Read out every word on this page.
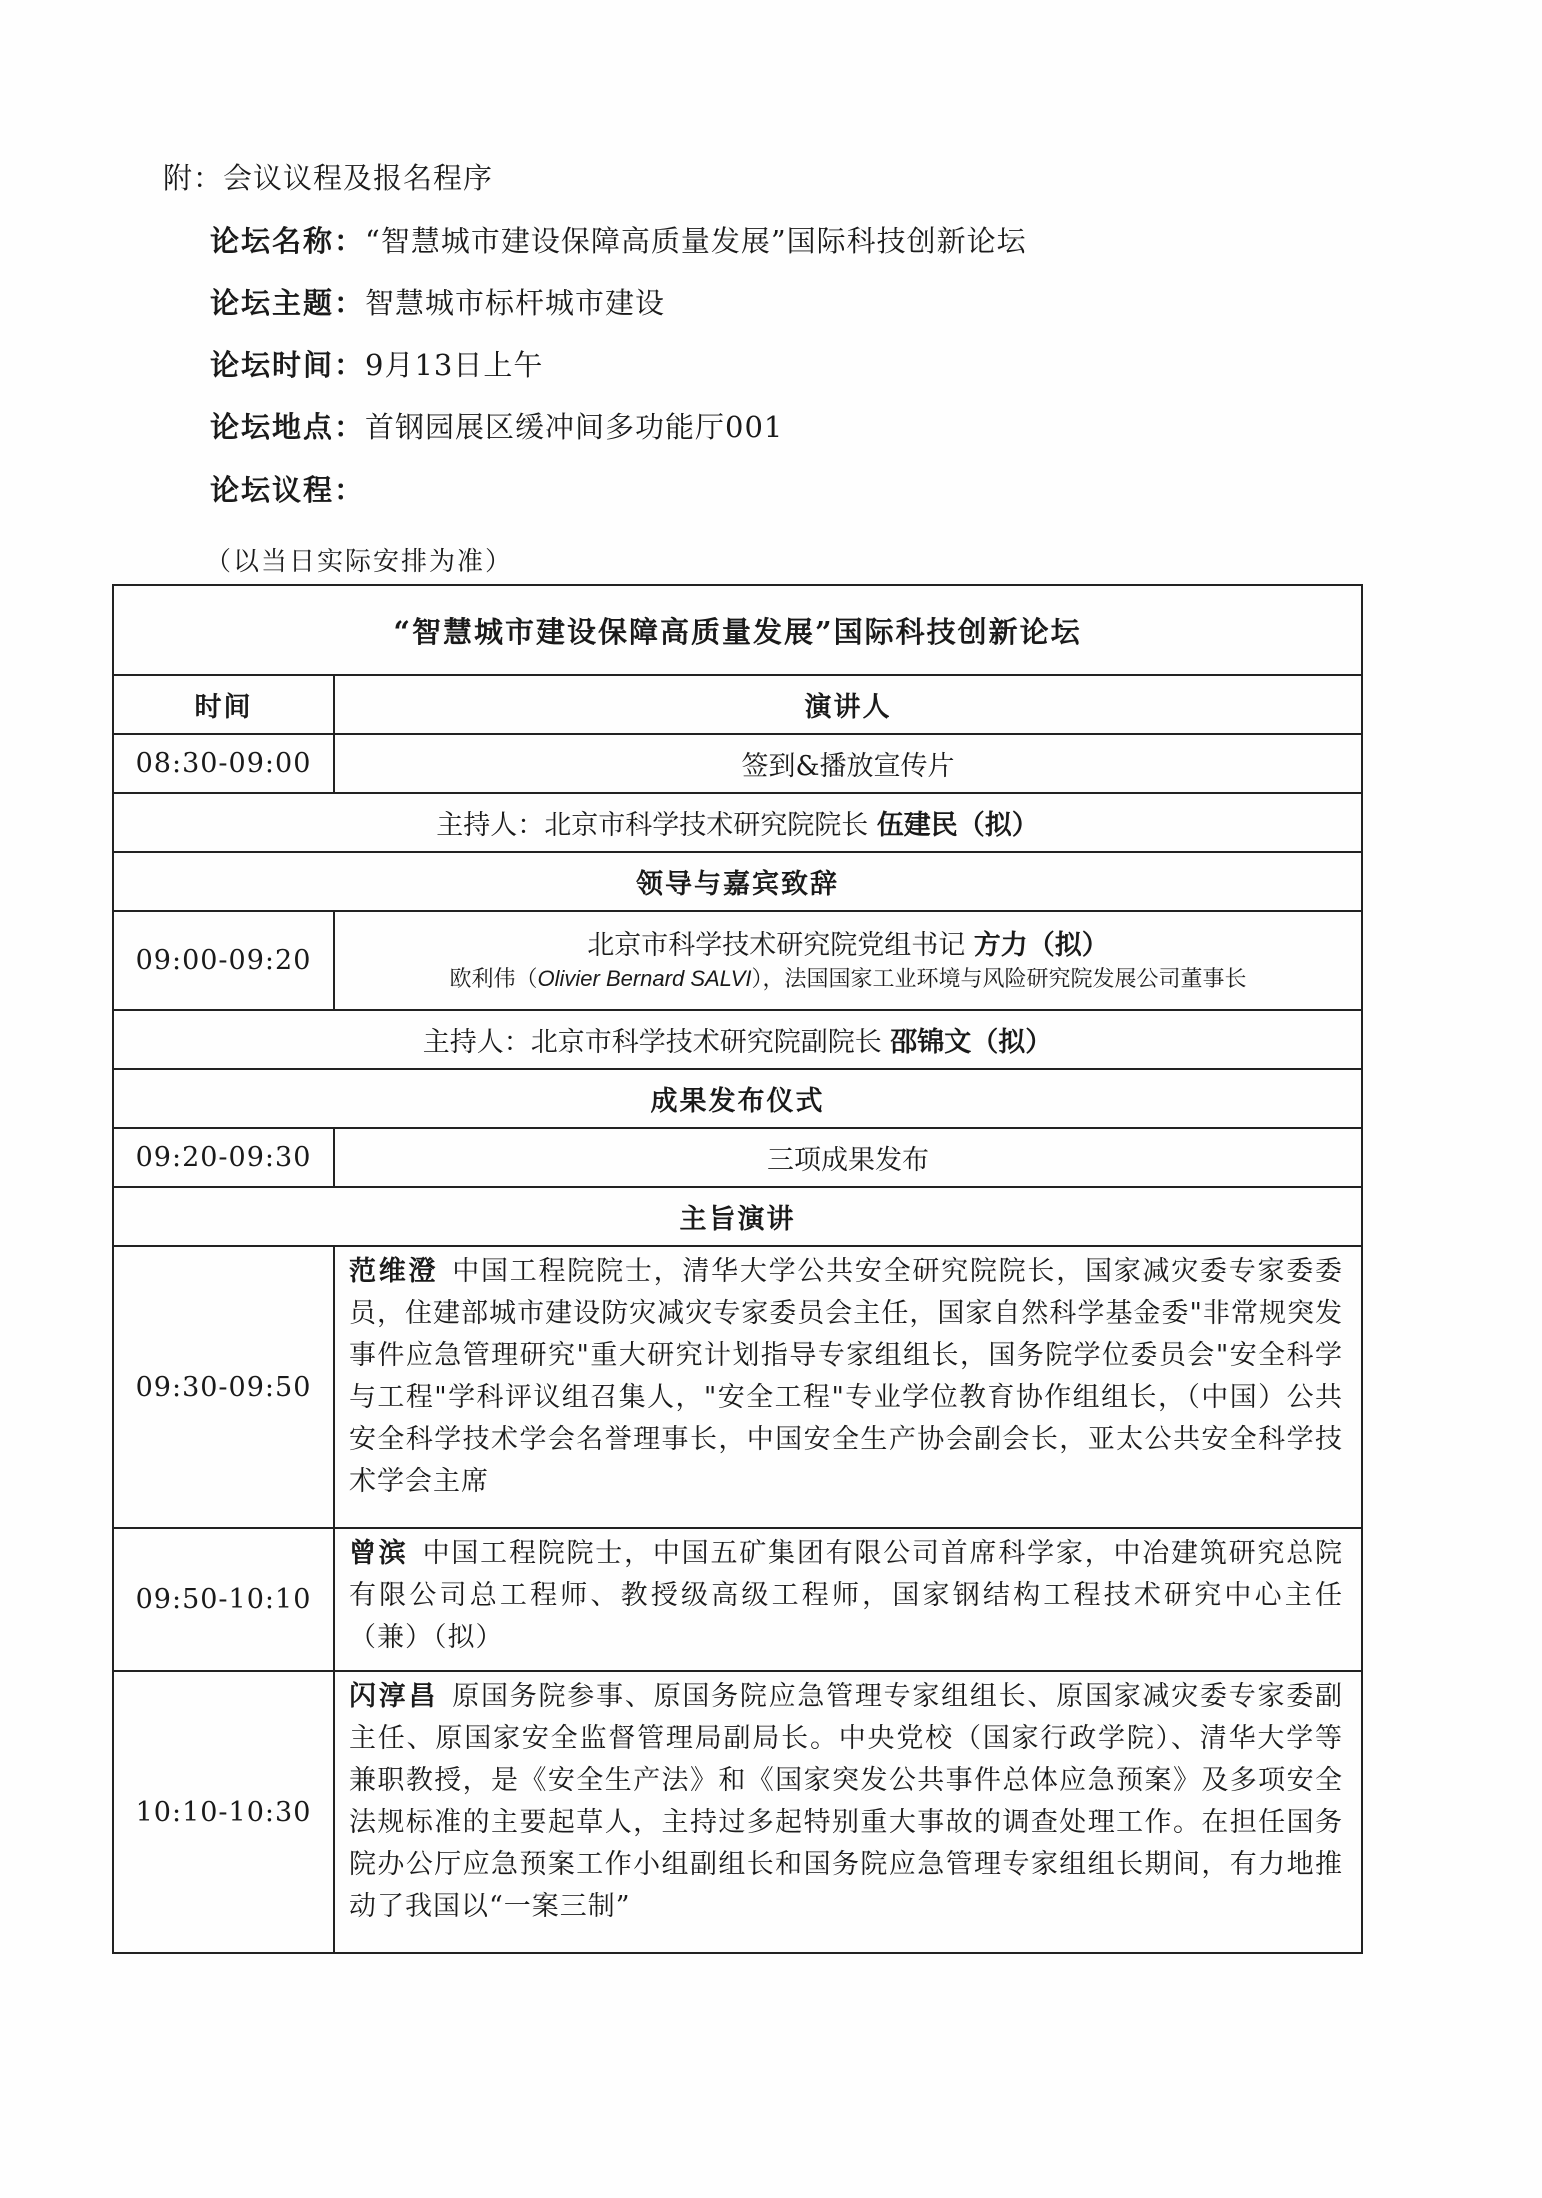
附：会议议程及报名程序
论坛名称：“智慧城市建设保障高质量发展”国际科技创新论坛
论坛主题：智慧城市标杆城市建设
论坛时间：9月13日上午
论坛地点：首钢园展区缓冲间多功能厅001
论坛议程：
（以当日实际安排为准）
“智慧城市建设保障高质量发展”国际科技创新论坛	
时间	演讲人
08:30-09:00	签到&播放宣传片
主持人：北京市科学技术研究院院长 伍建民（拟）	
领导与嘉宾致辞	
09:00-09:20	北京市科学技术研究院党组书记 方力（拟）
欧利伟（Olivier Bernard SALVI），法国国家工业环境与风险研究院发展公司董事长

主持人：北京市科学技术研究院副院长 邵锦文（拟）	
成果发布仪式	
09:20-09:30	三项成果发布
主旨演讲	
09:30-09:50	范维澄 中国工程院院士，清华大学公共安全研究院院长，国家减灾委专家委委员，住建部城市建设防灾减灾专家委员会主任，国家自然科学基金委"非常规突发事件应急管理研究"重大研究计划指导专家组组长，国务院学位委员会"安全科学与工程"学科评议组召集人，"安全工程"专业学位教育协作组组长，（中国）公共安全科学技术学会名誉理事长，中国安全生产协会副会长，亚太公共安全科学技术学会主席
09:50-10:10	曾滨 中国工程院院士，中国五矿集团有限公司首席科学家，中冶建筑研究总院有限公司总工程师、教授级高级工程师，国家钢结构工程技术研究中心主任（兼）（拟）
10:10-10:30	闪淳昌 原国务院参事、原国务院应急管理专家组组长、原国家减灾委专家委副主任、原国家安全监督管理局副局长。中央党校（国家行政学院）、清华大学等兼职教授，是《安全生产法》和《国家突发公共事件总体应急预案》及多项安全法规标准的主要起草人，主持过多起特别重大事故的调查处理工作。在担任国务院办公厅应急预案工作小组副组长和国务院应急管理专家组组长期间，有力地推动了我国以“一案三制”
